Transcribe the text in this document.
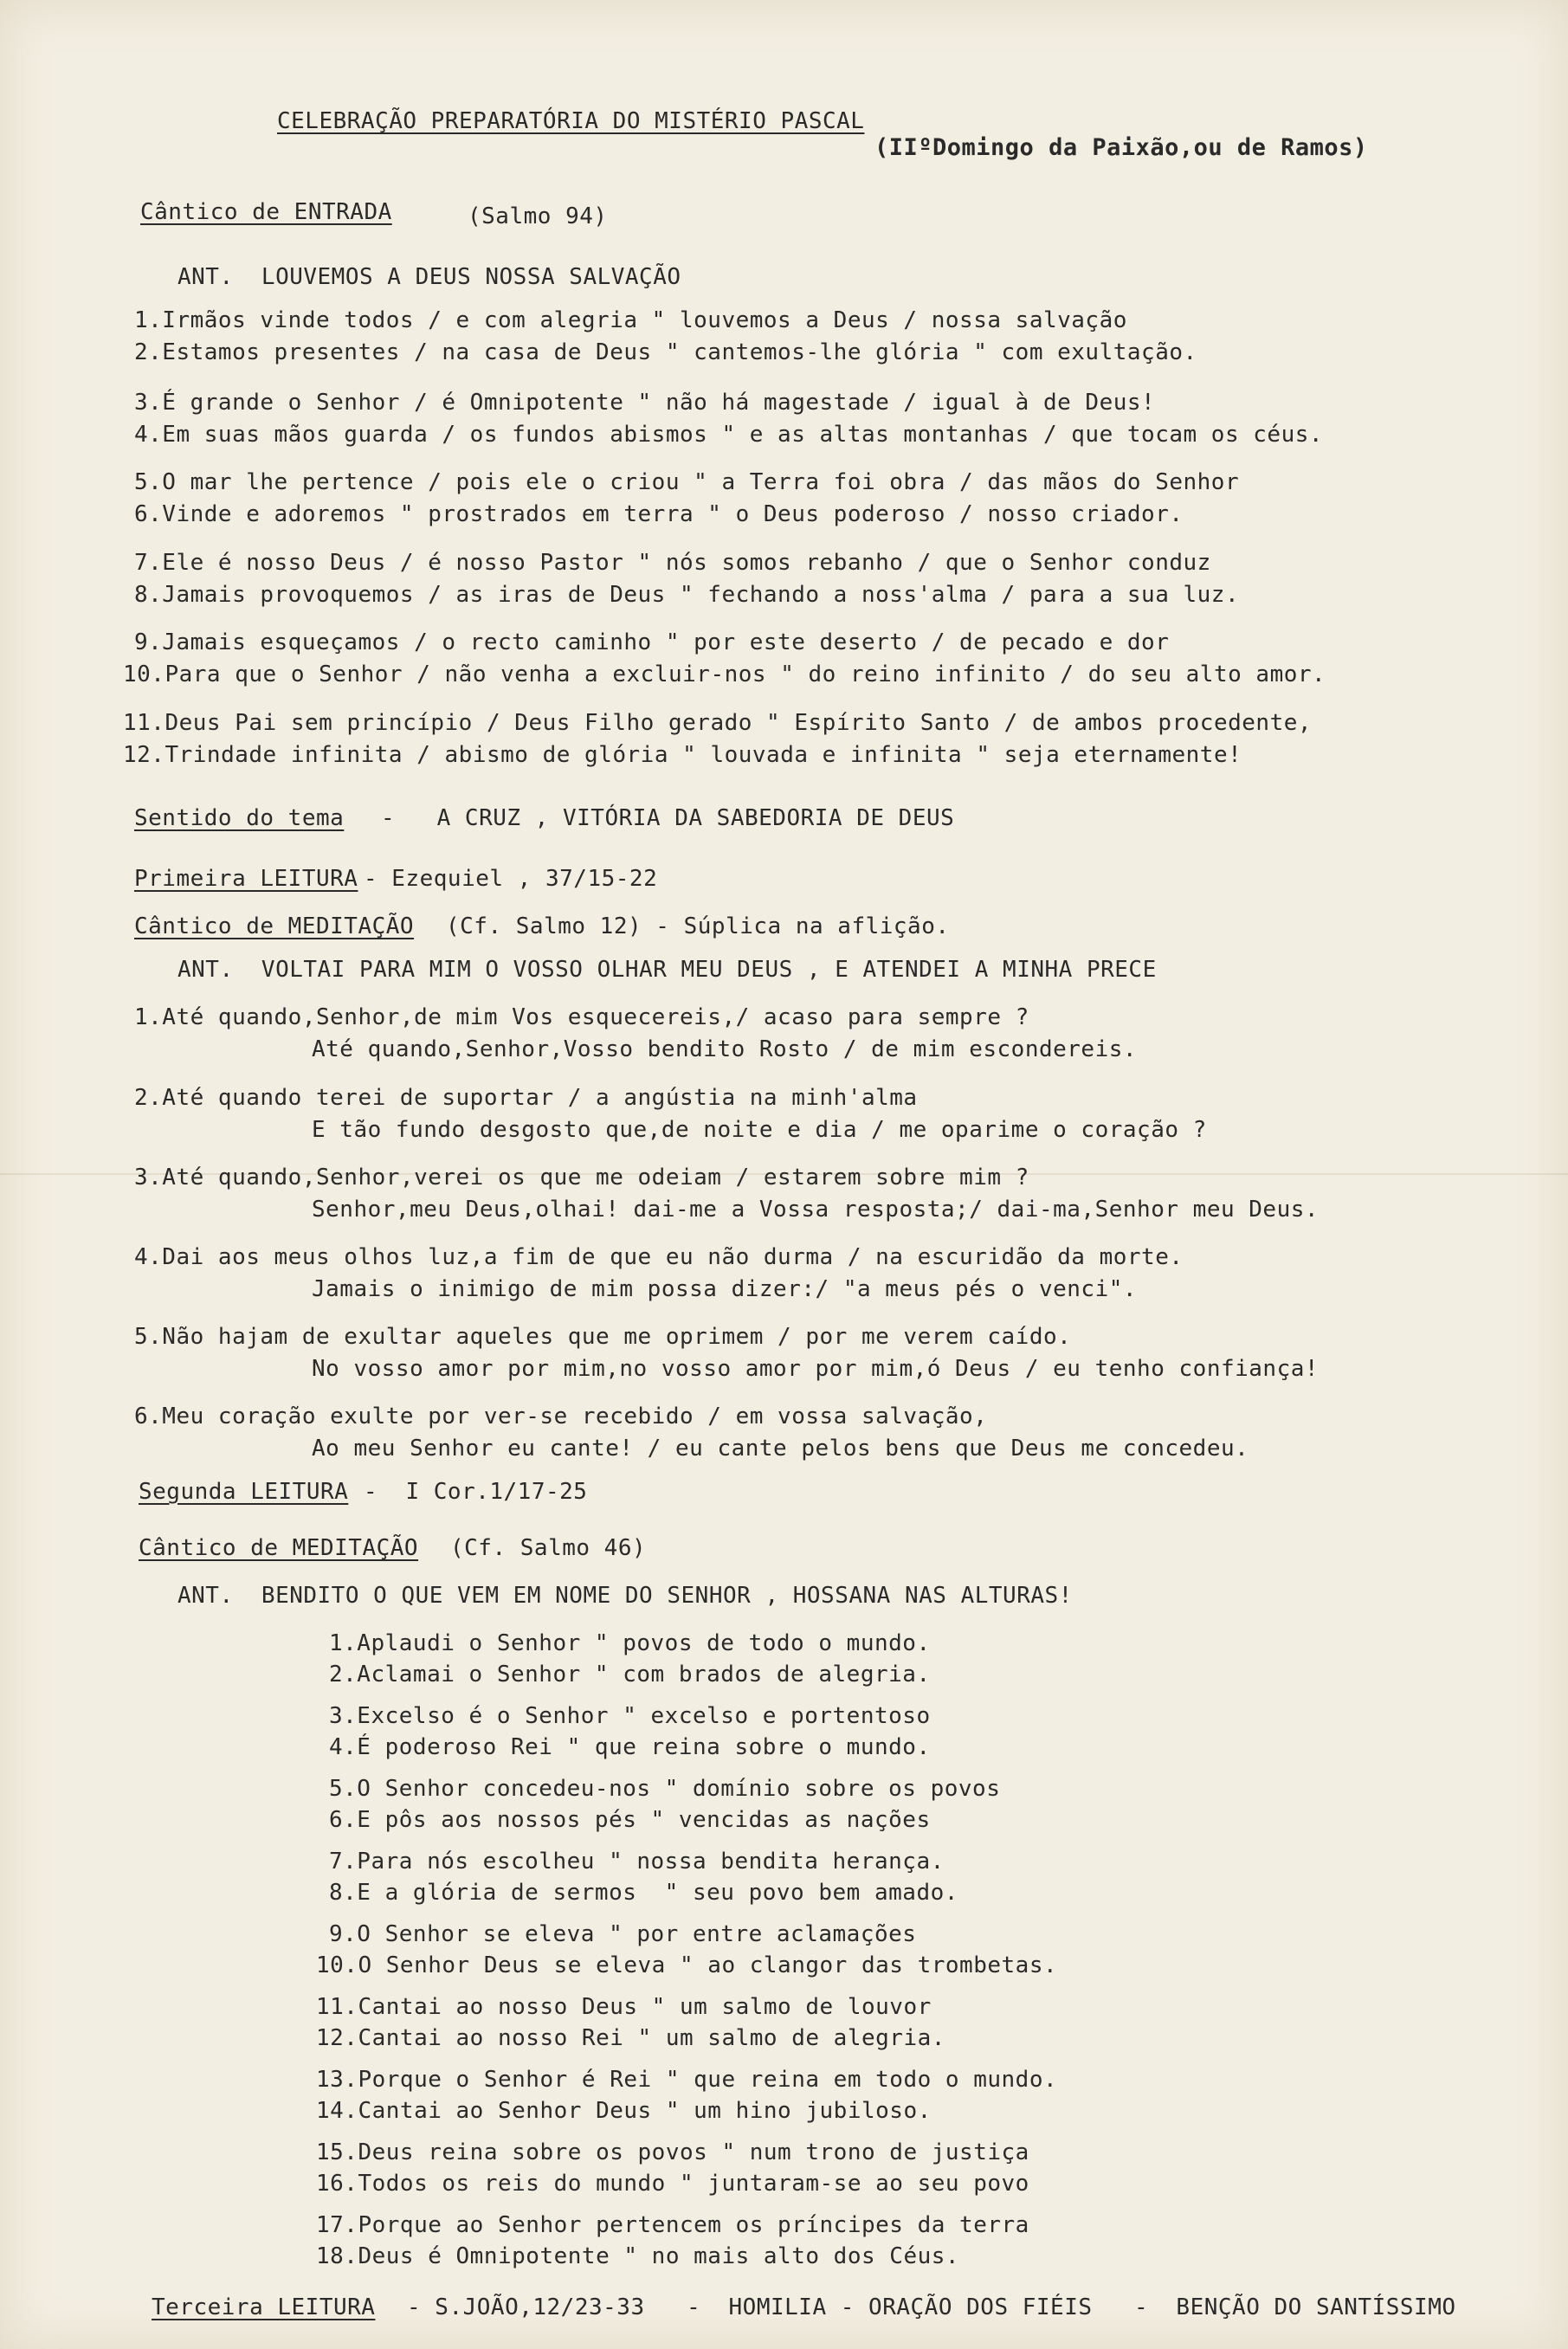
CELEBRAÇÃO PREPARATÓRIA DO MISTÉRIO PASCAL
(IIºDomingo da Paixão,ou de Ramos)
Cântico de ENTRADA	(Salmo 94)
ANT.  LOUVEMOS A DEUS NOSSA SALVAÇÃO
1.Irmãos vinde todos / e com alegria " louvemos a Deus / nossa salvação
2.Estamos presentes / na casa de Deus " cantemos-lhe glória " com exultação.
3.É grande o Senhor / é Omnipotente " não há magestade / igual à de Deus!
4.Em suas mãos guarda / os fundos abismos " e as altas montanhas / que tocam os céus.
5.O mar lhe pertence / pois ele o criou " a Terra foi obra / das mãos do Senhor
6.Vinde e adoremos " prostrados em terra " o Deus poderoso / nosso criador.
7.Ele é nosso Deus / é nosso Pastor " nós somos rebanho / que o Senhor conduz
8.Jamais provoquemos / as iras de Deus " fechando a noss'alma / para a sua luz.
9.Jamais esqueçamos / o recto caminho " por este deserto / de pecado e dor
10.Para que o Senhor / não venha a excluir-nos " do reino infinito / do seu alto amor.
11.Deus Pai sem princípio / Deus Filho gerado " Espírito Santo / de ambos procedente,
12.Trindade infinita / abismo de glória " louvada e infinita " seja eternamente!
Sentido do tema -   A CRUZ , VITÓRIA DA SABEDORIA DE DEUS
Primeira LEITURA - Ezequiel , 37/15-22
Cântico de MEDITAÇÃO (Cf. Salmo 12) - Súplica na aflição.
ANT.  VOLTAI PARA MIM O VOSSO OLHAR MEU DEUS , E ATENDEI A MINHA PRECE
1.Até quando,Senhor,de mim Vos esquecereis,/ acaso para sempre ?
Até quando,Senhor,Vosso bendito Rosto / de mim escondereis.
2.Até quando terei de suportar / a angústia na minh'alma
E tão fundo desgosto que,de noite e dia / me oparime o coração ?
3.Até quando,Senhor,verei os que me odeiam / estarem sobre mim ?
Senhor,meu Deus,olhai! dai-me a Vossa resposta;/ dai-ma,Senhor meu Deus.
4.Dai aos meus olhos luz,a fim de que eu não durma / na escuridão da morte.
Jamais o inimigo de mim possa dizer:/ "a meus pés o venci".
5.Não hajam de exultar aqueles que me oprimem / por me verem caído.
No vosso amor por mim,no vosso amor por mim,ó Deus / eu tenho confiança!
6.Meu coração exulte por ver-se recebido / em vossa salvação,
Ao meu Senhor eu cante! / eu cante pelos bens que Deus me concedeu.
Segunda LEITURA -  I Cor.1/17-25
Cântico de MEDITAÇÃO (Cf. Salmo 46)
ANT.  BENDITO O QUE VEM EM NOME DO SENHOR , HOSSANA NAS ALTURAS!
1.Aplaudi o Senhor " povos de todo o mundo.
2.Aclamai o Senhor " com brados de alegria.
3.Excelso é o Senhor " excelso e portentoso
4.É poderoso Rei " que reina sobre o mundo.
5.O Senhor concedeu-nos " domínio sobre os povos
6.E pôs aos nossos pés " vencidas as nações
7.Para nós escolheu " nossa bendita herança.
8.E a glória de sermos  " seu povo bem amado.
9.O Senhor se eleva " por entre aclamações
10.O Senhor Deus se eleva " ao clangor das trombetas.
11.Cantai ao nosso Deus " um salmo de louvor
12.Cantai ao nosso Rei " um salmo de alegria.
13.Porque o Senhor é Rei " que reina em todo o mundo.
14.Cantai ao Senhor Deus " um hino jubiloso.
15.Deus reina sobre os povos " num trono de justiça
16.Todos os reis do mundo " juntaram-se ao seu povo
17.Porque ao Senhor pertencem os príncipes da terra
18.Deus é Omnipotente " no mais alto dos Céus.
Terceira LEITURA - S.JOÃO,12/23-33   -  HOMILIA - ORAÇÃO DOS FIÉIS   -  BENÇÃO DO SANTÍSSIMO
